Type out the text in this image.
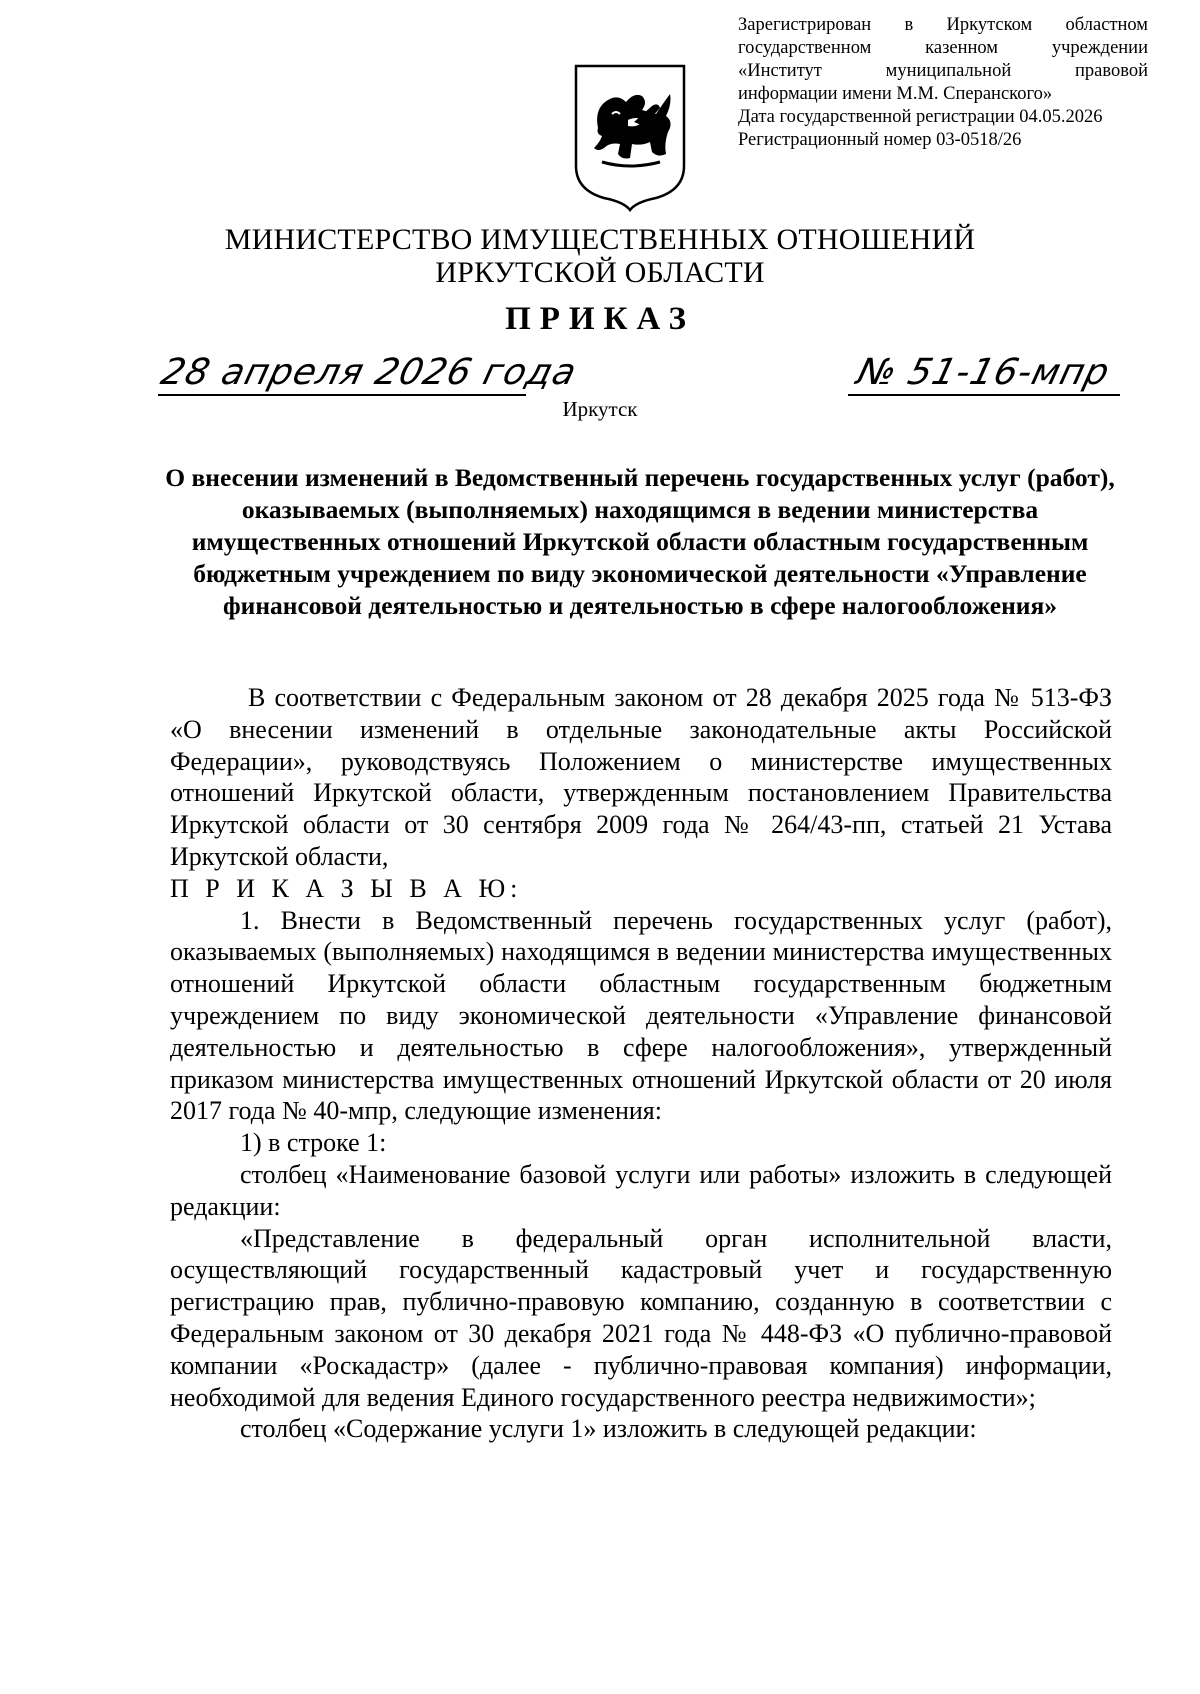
Зарегистрирован в Иркутском областном
государственном казенном учреждении
«Институт муниципальной правовой
информации имени М.М. Сперанского»
Дата государственной регистрации 04.05.2026
Регистрационный номер 03-0518/26
МИНИСТЕРСТВО ИМУЩЕСТВЕННЫХ ОТНОШЕНИЙ
ИРКУТСКОЙ ОБЛАСТИ
ПРИКАЗ
28 апреля 2026 года	№ 51-16-мпр
Иркутск
О внесении изменений в Ведомственный перечень государственных услуг (работ), оказываемых (выполняемых) находящимся в ведении министерства имущественных отношений Иркутской области областным государственным бюджетным учреждением по виду экономической деятельности «Управление финансовой деятельностью и деятельностью в сфере налогообложения»

В соответствии с Федеральным законом от 28 декабря 2025 года № 513-ФЗ «О внесении изменений в отдельные законодательные акты Российской Федерации», руководствуясь Положением о министерстве имущественных отношений Иркутской области, утвержденным постановлением Правительства Иркутской области от 30 сентября 2009 года № 264/43-пп, статьей 21 Устава Иркутской области,

П Р И К А З Ы В А Ю:

1. Внести в Ведомственный перечень государственных услуг (работ), оказываемых (выполняемых) находящимся в ведении министерства имущественных отношений Иркутской области областным государственным бюджетным учреждением по виду экономической деятельности «Управление финансовой деятельностью и деятельностью в сфере налогообложения», утвержденный приказом министерства имущественных отношений Иркутской области от 20 июля 2017 года № 40-мпр, следующие изменения:

1) в строке 1:

столбец «Наименование базовой услуги или работы» изложить в следующей редакции:

«Представление в федеральный орган исполнительной власти, осуществляющий государственный кадастровый учет и государственную регистрацию прав, публично-правовую компанию, созданную в соответствии с Федеральным законом от 30 декабря 2021 года № 448-ФЗ «О публично-правовой компании «Роскадастр» (далее - публично-правовая компания) информации, необходимой для ведения Единого государственного реестра недвижимости»;

столбец «Содержание услуги 1» изложить в следующей редакции:
